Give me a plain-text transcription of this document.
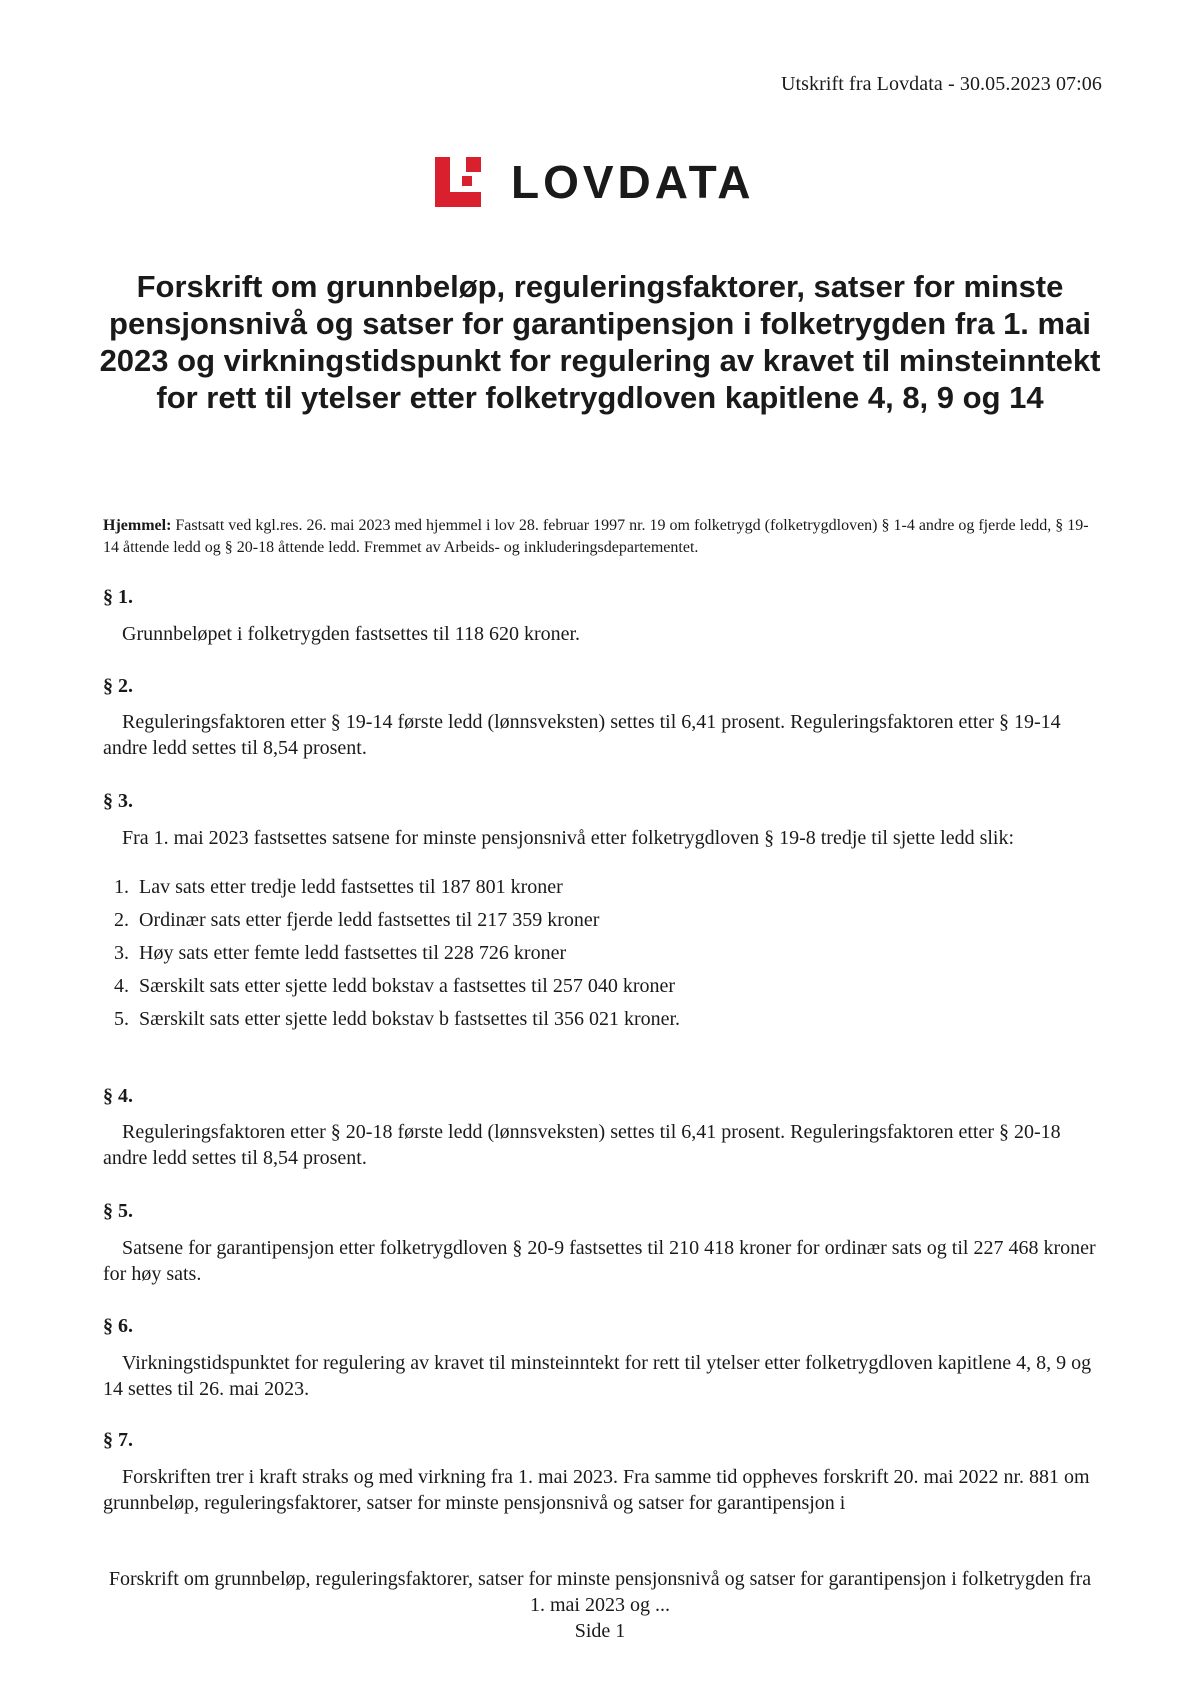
Utskrift fra Lovdata - 30.05.2023 07:06
LOVDATA
Forskrift om grunnbeløp, reguleringsfaktorer, satser for minste pensjonsnivå og satser for garantipensjon i folketrygden fra 1. mai 2023 og virkningstidspunkt for regulering av kravet til minsteinntekt for rett til ytelser etter folketrygdloven kapitlene 4, 8, 9 og 14
Hjemmel: Fastsatt ved kgl.res. 26. mai 2023 med hjemmel i lov 28. februar 1997 nr. 19 om folketrygd (folketrygdloven) § 1-4 andre og fjerde ledd, § 19-14 åttende ledd og § 20-18 åttende ledd. Fremmet av Arbeids- og inkluderingsdepartementet.
§ 1.
Grunnbeløpet i folketrygden fastsettes til 118 620 kroner.
§ 2.
Reguleringsfaktoren etter § 19-14 første ledd (lønnsveksten) settes til 6,41 prosent. Reguleringsfaktoren etter § 19-14 andre ledd settes til 8,54 prosent.
§ 3.
Fra 1. mai 2023 fastsettes satsene for minste pensjonsnivå etter folketrygdloven § 19-8 tredje til sjette ledd slik:
1. Lav sats etter tredje ledd fastsettes til 187 801 kroner
2. Ordinær sats etter fjerde ledd fastsettes til 217 359 kroner
3. Høy sats etter femte ledd fastsettes til 228 726 kroner
4. Særskilt sats etter sjette ledd bokstav a fastsettes til 257 040 kroner
5. Særskilt sats etter sjette ledd bokstav b fastsettes til 356 021 kroner.
§ 4.
Reguleringsfaktoren etter § 20-18 første ledd (lønnsveksten) settes til 6,41 prosent. Reguleringsfaktoren etter § 20-18 andre ledd settes til 8,54 prosent.
§ 5.
Satsene for garantipensjon etter folketrygdloven § 20-9 fastsettes til 210 418 kroner for ordinær sats og til 227 468 kroner for høy sats.
§ 6.
Virkningstidspunktet for regulering av kravet til minsteinntekt for rett til ytelser etter folketrygdloven kapitlene 4, 8, 9 og 14 settes til 26. mai 2023.
§ 7.
Forskriften trer i kraft straks og med virkning fra 1. mai 2023. Fra samme tid oppheves forskrift 20. mai 2022 nr. 881 om grunnbeløp, reguleringsfaktorer, satser for minste pensjonsnivå og satser for garantipensjon i
Forskrift om grunnbeløp, reguleringsfaktorer, satser for minste pensjonsnivå og satser for garantipensjon i folketrygden fra 1. mai 2023 og ...
Side 1
